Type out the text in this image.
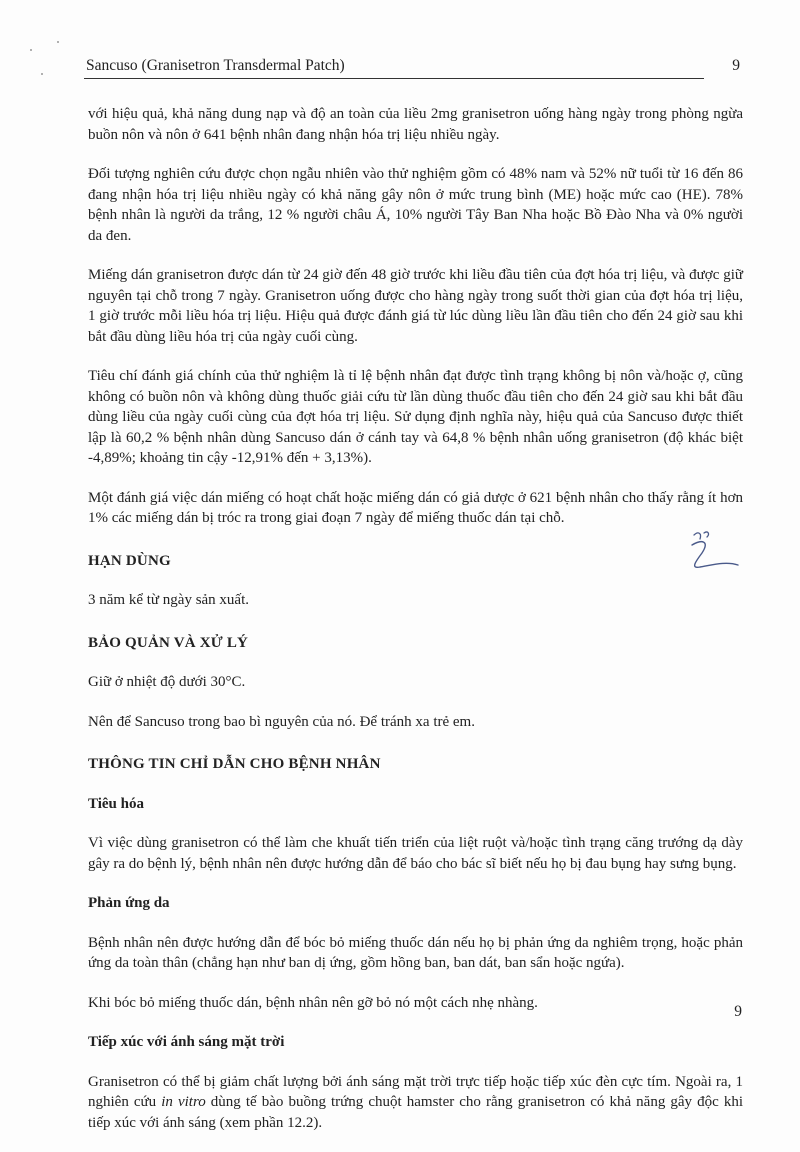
Sancuso (Granisetron Transdermal Patch)	9

với hiệu quả, khả năng dung nạp và độ an toàn của liều 2mg granisetron uống hàng ngày trong phòng ngừa buồn nôn và nôn ở 641 bệnh nhân đang nhận hóa trị liệu nhiều ngày.

Đối tượng nghiên cứu được chọn ngẫu nhiên vào thử nghiệm gồm có 48% nam và 52% nữ tuổi từ 16 đến 86 đang nhận hóa trị liệu nhiều ngày có khả năng gây nôn ở mức trung bình (ME) hoặc mức cao (HE). 78% bệnh nhân là người da trắng, 12 % người châu Á, 10% người Tây Ban Nha hoặc Bồ Đào Nha và 0% người da đen.

Miếng dán granisetron được dán từ 24 giờ đến 48 giờ trước khi liều đầu tiên của đợt hóa trị liệu, và được giữ nguyên tại chỗ trong 7 ngày. Granisetron uống được cho hàng ngày trong suốt thời gian của đợt hóa trị liệu, 1 giờ trước mỗi liều hóa trị liệu. Hiệu quả được đánh giá từ lúc dùng liều lần đầu tiên cho đến 24 giờ sau khi bắt đầu dùng liều hóa trị của ngày cuối cùng.

Tiêu chí đánh giá chính của thử nghiệm là tỉ lệ bệnh nhân đạt được tình trạng không bị nôn và/hoặc ợ, cũng không có buồn nôn và không dùng thuốc giải cứu từ lần dùng thuốc đầu tiên cho đến 24 giờ sau khi bắt đầu dùng liều của ngày cuối cùng của đợt hóa trị liệu. Sử dụng định nghĩa này, hiệu quả của Sancuso được thiết lập là 60,2 % bệnh nhân dùng Sancuso dán ở cánh tay và 64,8 % bệnh nhân uống granisetron (độ khác biệt -4,89%; khoảng tin cậy -12,91% đến + 3,13%).

Một đánh giá việc dán miếng có hoạt chất hoặc miếng dán có giả dược ở 621 bệnh nhân cho thấy rằng ít hơn 1% các miếng dán bị tróc ra trong giai đoạn 7 ngày để miếng thuốc dán tại chỗ.

HẠN DÙNG

3 năm kể từ ngày sản xuất.

BẢO QUẢN VÀ XỬ LÝ

Giữ ở nhiệt độ dưới 30°C.

Nên để Sancuso trong bao bì nguyên của nó. Để tránh xa trẻ em.

THÔNG TIN CHỈ DẪN CHO BỆNH NHÂN

Tiêu hóa

Vì việc dùng granisetron có thể làm che khuất tiến triển của liệt ruột và/hoặc tình trạng căng trướng dạ dày gây ra do bệnh lý, bệnh nhân nên được hướng dẫn để báo cho bác sĩ biết nếu họ bị đau bụng hay sưng bụng.

Phản ứng da

Bệnh nhân nên được hướng dẫn để bóc bỏ miếng thuốc dán nếu họ bị phản ứng da nghiêm trọng, hoặc phản ứng da toàn thân (chẳng hạn như ban dị ứng, gồm hồng ban, ban dát, ban sẩn hoặc ngứa).

Khi bóc bỏ miếng thuốc dán, bệnh nhân nên gỡ bỏ nó một cách nhẹ nhàng.

Tiếp xúc với ánh sáng mặt trời

Granisetron có thể bị giảm chất lượng bởi ánh sáng mặt trời trực tiếp hoặc tiếp xúc đèn cực tím. Ngoài ra, 1 nghiên cứu in vitro dùng tế bào buồng trứng chuột hamster cho rằng granisetron có khả năng gây độc khi tiếp xúc với ánh sáng (xem phần 12.2).

9
